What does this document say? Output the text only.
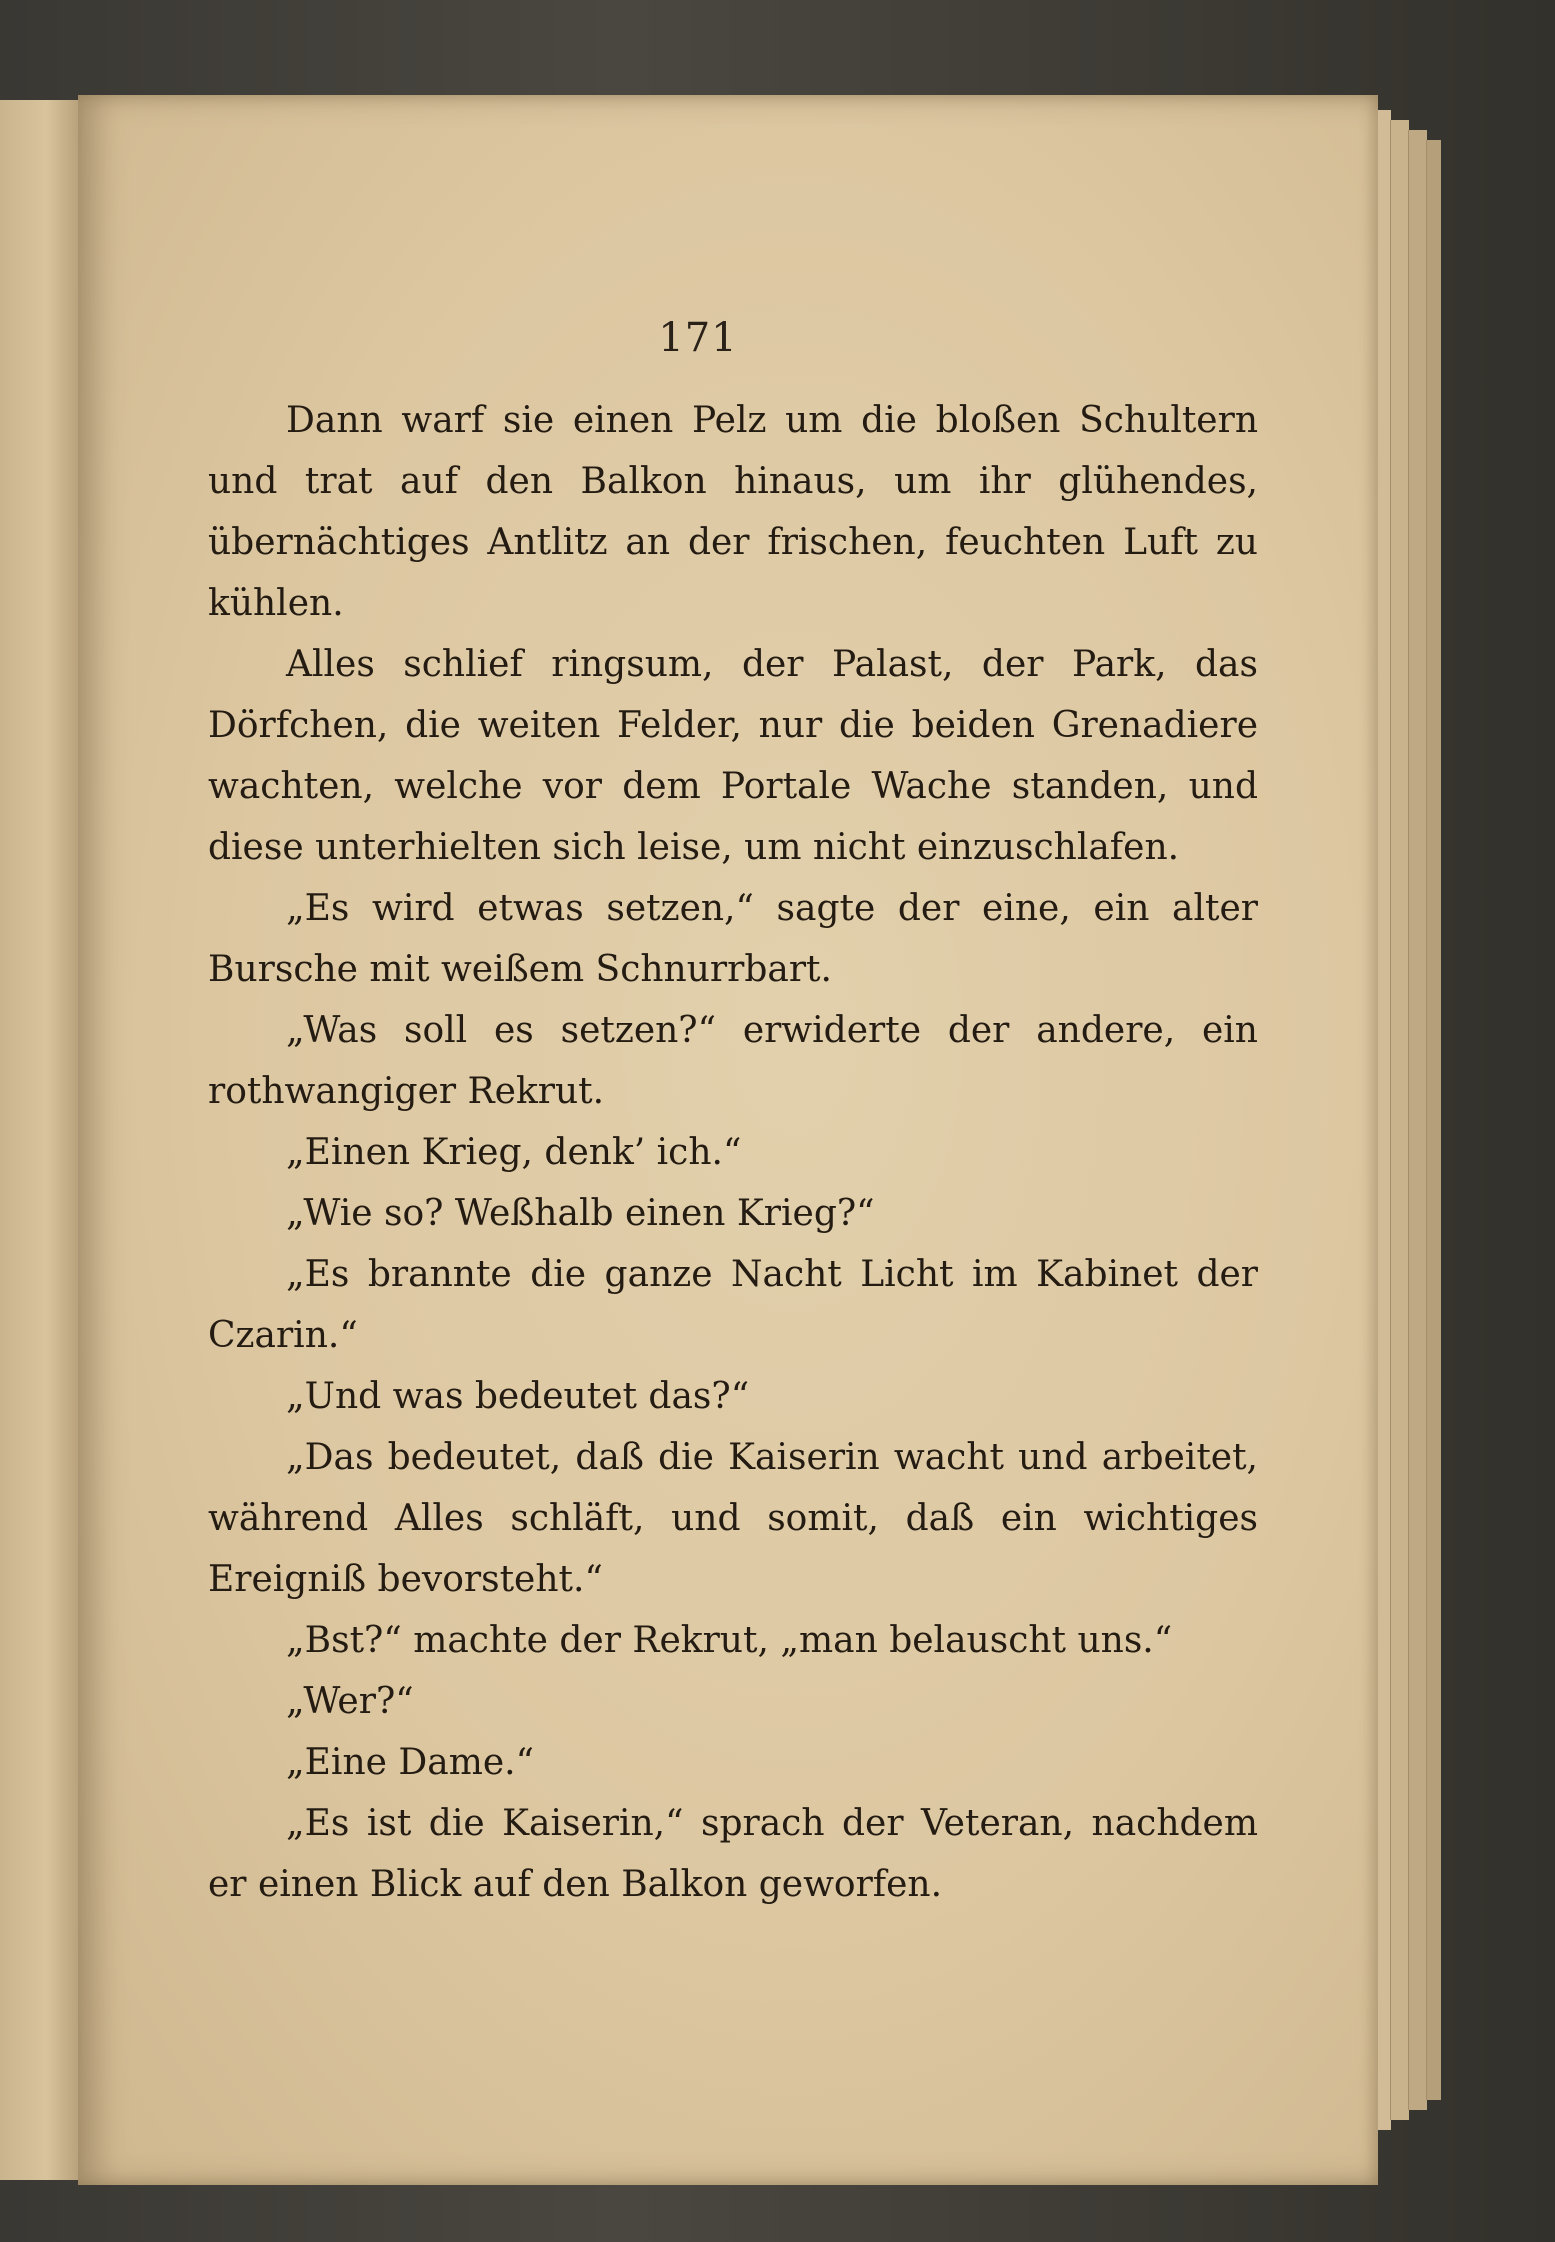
171

Dann warf sie einen Pelz um die bloßen Schultern und trat auf den Balkon hinaus, um ihr glühendes, übernächtiges Antlitz an der frischen, feuchten Luft zu kühlen.

Alles schlief ringsum, der Palast, der Park, das Dörfchen, die weiten Felder, nur die beiden Grenadiere wachten, welche vor dem Portale Wache standen, und diese unterhielten sich leise, um nicht einzuschlafen.

„Es wird etwas setzen,“ sagte der eine, ein alter Bursche mit weißem Schnurrbart.

„Was soll es setzen?“ erwiderte der andere, ein rothwangiger Rekrut.

„Einen Krieg, denk’ ich.“

„Wie so? Weßhalb einen Krieg?“

„Es brannte die ganze Nacht Licht im Kabinet der Czarin.“

„Und was bedeutet das?“

„Das bedeutet, daß die Kaiserin wacht und arbeitet, während Alles schläft, und somit, daß ein wichtiges Ereigniß bevorsteht.“

„Bst?“ machte der Rekrut, „man belauscht uns.“

„Wer?“

„Eine Dame.“

„Es ist die Kaiserin,“ sprach der Veteran, nachdem er einen Blick auf den Balkon geworfen.
